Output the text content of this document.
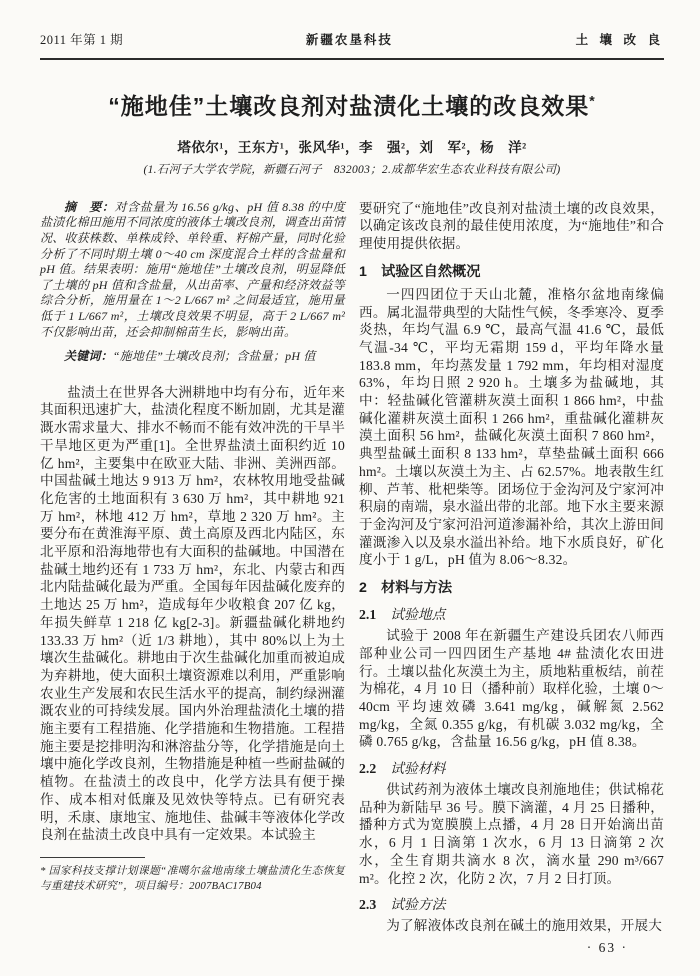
2011 年第 1 期	新疆农垦科技	土 壤 改 良
“施地佳”土壤改良剂对盐渍化土壤的改良效果*
塔依尔¹，王东方¹，张风华¹，李　强²，刘　军²，杨　洋²
(1.石河子大学农学院，新疆石河子　832003；2.成都华宏生态农业科技有限公司)

摘　要：对含盐量为 16.56 g/kg、pH 值 8.38 的中度盐渍化棉田施用不同浓度的液体土壤改良剂，调查出苗情况、收获株数、单株成铃、单铃重、籽棉产量，同时化验分析了不同时期土壤 0～40 cm 深度混合土样的含盐量和 pH 值。结果表明：施用“施地佳”土壤改良剂，明显降低了土壤的 pH 值和含盐量，从出苗率、产量和经济效益等综合分析，施用量在 1～2 L/667 m² 之间最适宜，施用量低于 1 L/667 m²，土壤改良效果不明显，高于 2 L/667 m² 不仅影响出苗，还会抑制棉苗生长，影响出苗。

关键词：“施地佳”土壤改良剂；含盐量；pH 值

盐渍土在世界各大洲耕地中均有分布，近年来其面积迅速扩大，盐渍化程度不断加剧，尤其是灌溉水需求量大、排水不畅而不能有效冲洗的干旱半干旱地区更为严重[1]。全世界盐渍土面积约近 10 亿 hm²，主要集中在欧亚大陆、非洲、美洲西部。中国盐碱土地达 9 913 万 hm²，农林牧用地受盐碱化危害的土地面积有 3 630 万 hm²，其中耕地 921 万 hm²，林地 412 万 hm²，草地 2 320 万 hm²。主要分布在黄淮海平原、黄土高原及西北内陆区，东北平原和沿海地带也有大面积的盐碱地。中国潜在盐碱土地约还有 1 733 万 hm²，东北、内蒙古和西北内陆盐碱化最为严重。全国每年因盐碱化废弃的土地达 25 万 hm²，造成每年少收粮食 207 亿 kg，年损失鲜草 1 218 亿 kg[2-3]。新疆盐碱化耕地约 133.33 万 hm²（近 1/3 耕地），其中 80%以上为土壤次生盐碱化。耕地由于次生盐碱化加重而被迫成为弃耕地，使大面积土壤资源难以利用，严重影响农业生产发展和农民生活水平的提高，制约绿洲灌溉农业的可持续发展。国内外治理盐渍化土壤的措施主要有工程措施、化学措施和生物措施。工程措施主要是挖排明沟和淋溶盐分等，化学措施是向土壤中施化学改良剂，生物措施是种植一些耐盐碱的植物。在盐渍土的改良中，化学方法具有便于操作、成本相对低廉及见效快等特点。已有研究表明，禾康、康地宝、施地佳、盐碱丰等液体化学改良剂在盐渍土改良中具有一定效果。本试验主

* 国家科技支撑计划课题“准噶尔盆地南缘土壤盐渍化生态恢复与重建技术研究”，项目编号：2007BAC17B04

要研究了“施地佳”改良剂对盐渍土壤的改良效果，以确定该改良剂的最佳使用浓度，为“施地佳”和合理使用提供依据。

1　试验区自然概况

一四四团位于天山北麓，准格尔盆地南缘偏西。属北温带典型的大陆性气候，冬季寒冷、夏季炎热，年均气温 6.9 ℃，最高气温 41.6 ℃，最低气温-34 ℃，平均无霜期 159 d，平均年降水量 183.8 mm，年均蒸发量 1 792 mm，年均相对湿度 63%，年均日照 2 920 h。土壤多为盐碱地，其中：轻盐碱化管灌耕灰漠土面积 1 866 hm²，中盐碱化灌耕灰漠土面积 1 266 hm²，重盐碱化灌耕灰漠土面积 56 hm²，盐碱化灰漠土面积 7 860 hm²，典型盐碱土面积 8 133 hm²，草垫盐碱土面积 666 hm²。土壤以灰漠土为主、占 62.57%。地表散生红柳、芦苇、枇杷柴等。团场位于金沟河及宁家河冲积扇的南端，泉水溢出带的北部。地下水主要来源于金沟河及宁家河沿河道渗漏补给，其次上游田间灌溉渗入以及泉水溢出补给。地下水质良好，矿化度小于 1 g/L，pH 值为 8.06～8.32。

2　材料与方法

2.1 试验地点

试验于 2008 年在新疆生产建设兵团农八师西部种业公司一四四团生产基地 4# 盐渍化农田进行。土壤以盐化灰漠土为主，质地粘重板结，前茬为棉花，4 月 10 日（播种前）取样化验，土壤 0～40cm 平均速效磷 3.641 mg/kg，碱解氮 2.562 mg/kg，全氮 0.355 g/kg，有机碳 3.032 mg/kg，全磷 0.765 g/kg，含盐量 16.56 g/kg，pH 值 8.38。

2.2 试验材料

供试药剂为液体土壤改良剂施地佳；供试棉花品种为新陆早 36 号。膜下滴灌，4 月 25 日播种，播种方式为宽膜膜上点播，4 月 28 日开始滴出苗水，6 月 1 日滴第 1 次水，6 月 13 日滴第 2 次水，全生育期共滴水 8 次，滴水量 290 m³/667 m²。化控 2 次，化防 2 次，7 月 2 日打顶。

2.3 试验方法

为了解液体改良剂在碱土的施用效果，开展大

· 63 ·
